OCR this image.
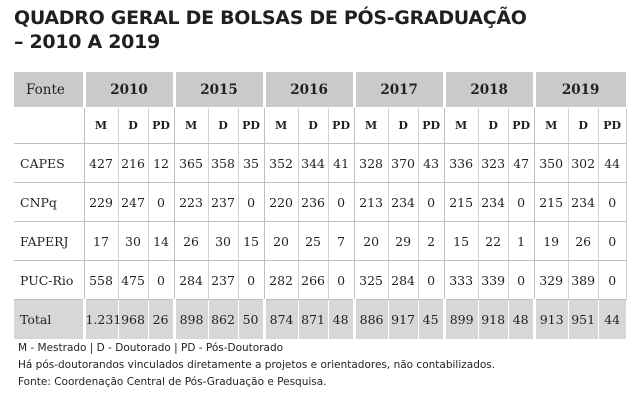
QUADRO GERAL DE BOLSAS DE PÓS-GRADUAÇÃO
– 2010 A 2019
Fonte	2010			2015			2016			2017			2018			2019		
	M	D	PD	M	D	PD	M	D	PD	M	D	PD	M	D	PD	M	D	PD
CAPES	427	216	12	365	358	35	352	344	41	328	370	43	336	323	47	350	302	44
CNPq	229	247	0	223	237	0	220	236	0	213	234	0	215	234	0	215	234	0
FAPERJ	17	30	14	26	30	15	20	25	7	20	29	2	15	22	1	19	26	0
PUC-Rio	558	475	0	284	237	0	282	266	0	325	284	0	333	339	0	329	389	0
Total	1.231	968	26	898	862	50	874	871	48	886	917	45	899	918	48	913	951	44
M - Mestrado | D - Doutorado | PD - Pós-Doutorado
Há pós-doutorandos vinculados diretamente a projetos e orientadores, não contabilizados.
Fonte: Coordenação Central de Pós-Graduação e Pesquisa.
